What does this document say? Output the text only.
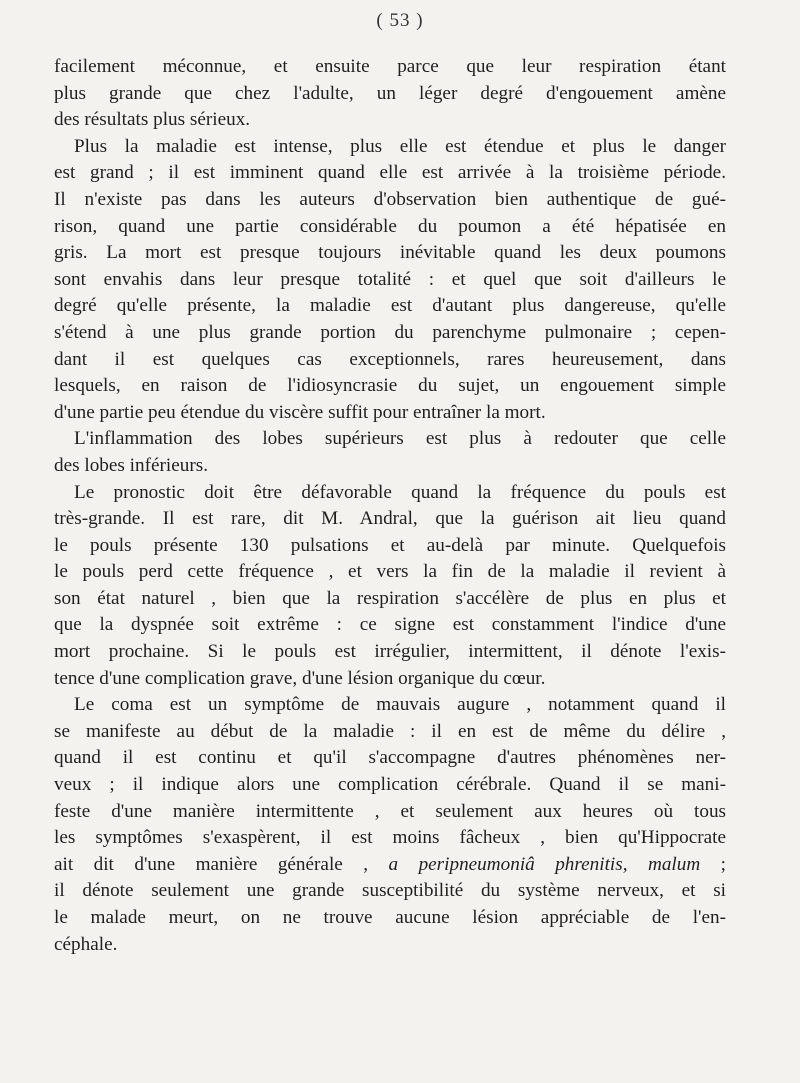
( 53 )
facilement méconnue, et ensuite parce que leur respiration étant
plus grande que chez l'adulte, un léger degré d'engouement amène
des résultats plus sérieux.
Plus la maladie est intense, plus elle est étendue et plus le danger
est grand ; il est imminent quand elle est arrivée à la troisième période.
Il n'existe pas dans les auteurs d'observation bien authentique de gué-
rison, quand une partie considérable du poumon a été hépatisée en
gris. La mort est presque toujours inévitable quand les deux poumons
sont envahis dans leur presque totalité : et quel que soit d'ailleurs le
degré qu'elle présente, la maladie est d'autant plus dangereuse, qu'elle
s'étend à une plus grande portion du parenchyme pulmonaire ; cepen-
dant il est quelques cas exceptionnels, rares heureusement, dans
lesquels, en raison de l'idiosyncrasie du sujet, un engouement simple
d'une partie peu étendue du viscère suffit pour entraîner la mort.
L'inflammation des lobes supérieurs est plus à redouter que celle
des lobes inférieurs.
Le pronostic doit être défavorable quand la fréquence du pouls est
très-grande. Il est rare, dit M. Andral, que la guérison ait lieu quand
le pouls présente 130 pulsations et au-delà par minute. Quelquefois
le pouls perd cette fréquence , et vers la fin de la maladie il revient à
son état naturel , bien que la respiration s'accélère de plus en plus et
que la dyspnée soit extrême : ce signe est constamment l'indice d'une
mort prochaine. Si le pouls est irrégulier, intermittent, il dénote l'exis-
tence d'une complication grave, d'une lésion organique du cœur.
Le coma est un symptôme de mauvais augure , notamment quand il
se manifeste au début de la maladie : il en est de même du délire ,
quand il est continu et qu'il s'accompagne d'autres phénomènes ner-
veux ; il indique alors une complication cérébrale. Quand il se mani-
feste d'une manière intermittente , et seulement aux heures où tous
les symptômes s'exaspèrent, il est moins fâcheux , bien qu'Hippocrate
ait dit d'une manière générale , a peripneumoniâ phrenitis, malum ;
il dénote seulement une grande susceptibilité du système nerveux, et si
le malade meurt, on ne trouve aucune lésion appréciable de l'en-
céphale.
